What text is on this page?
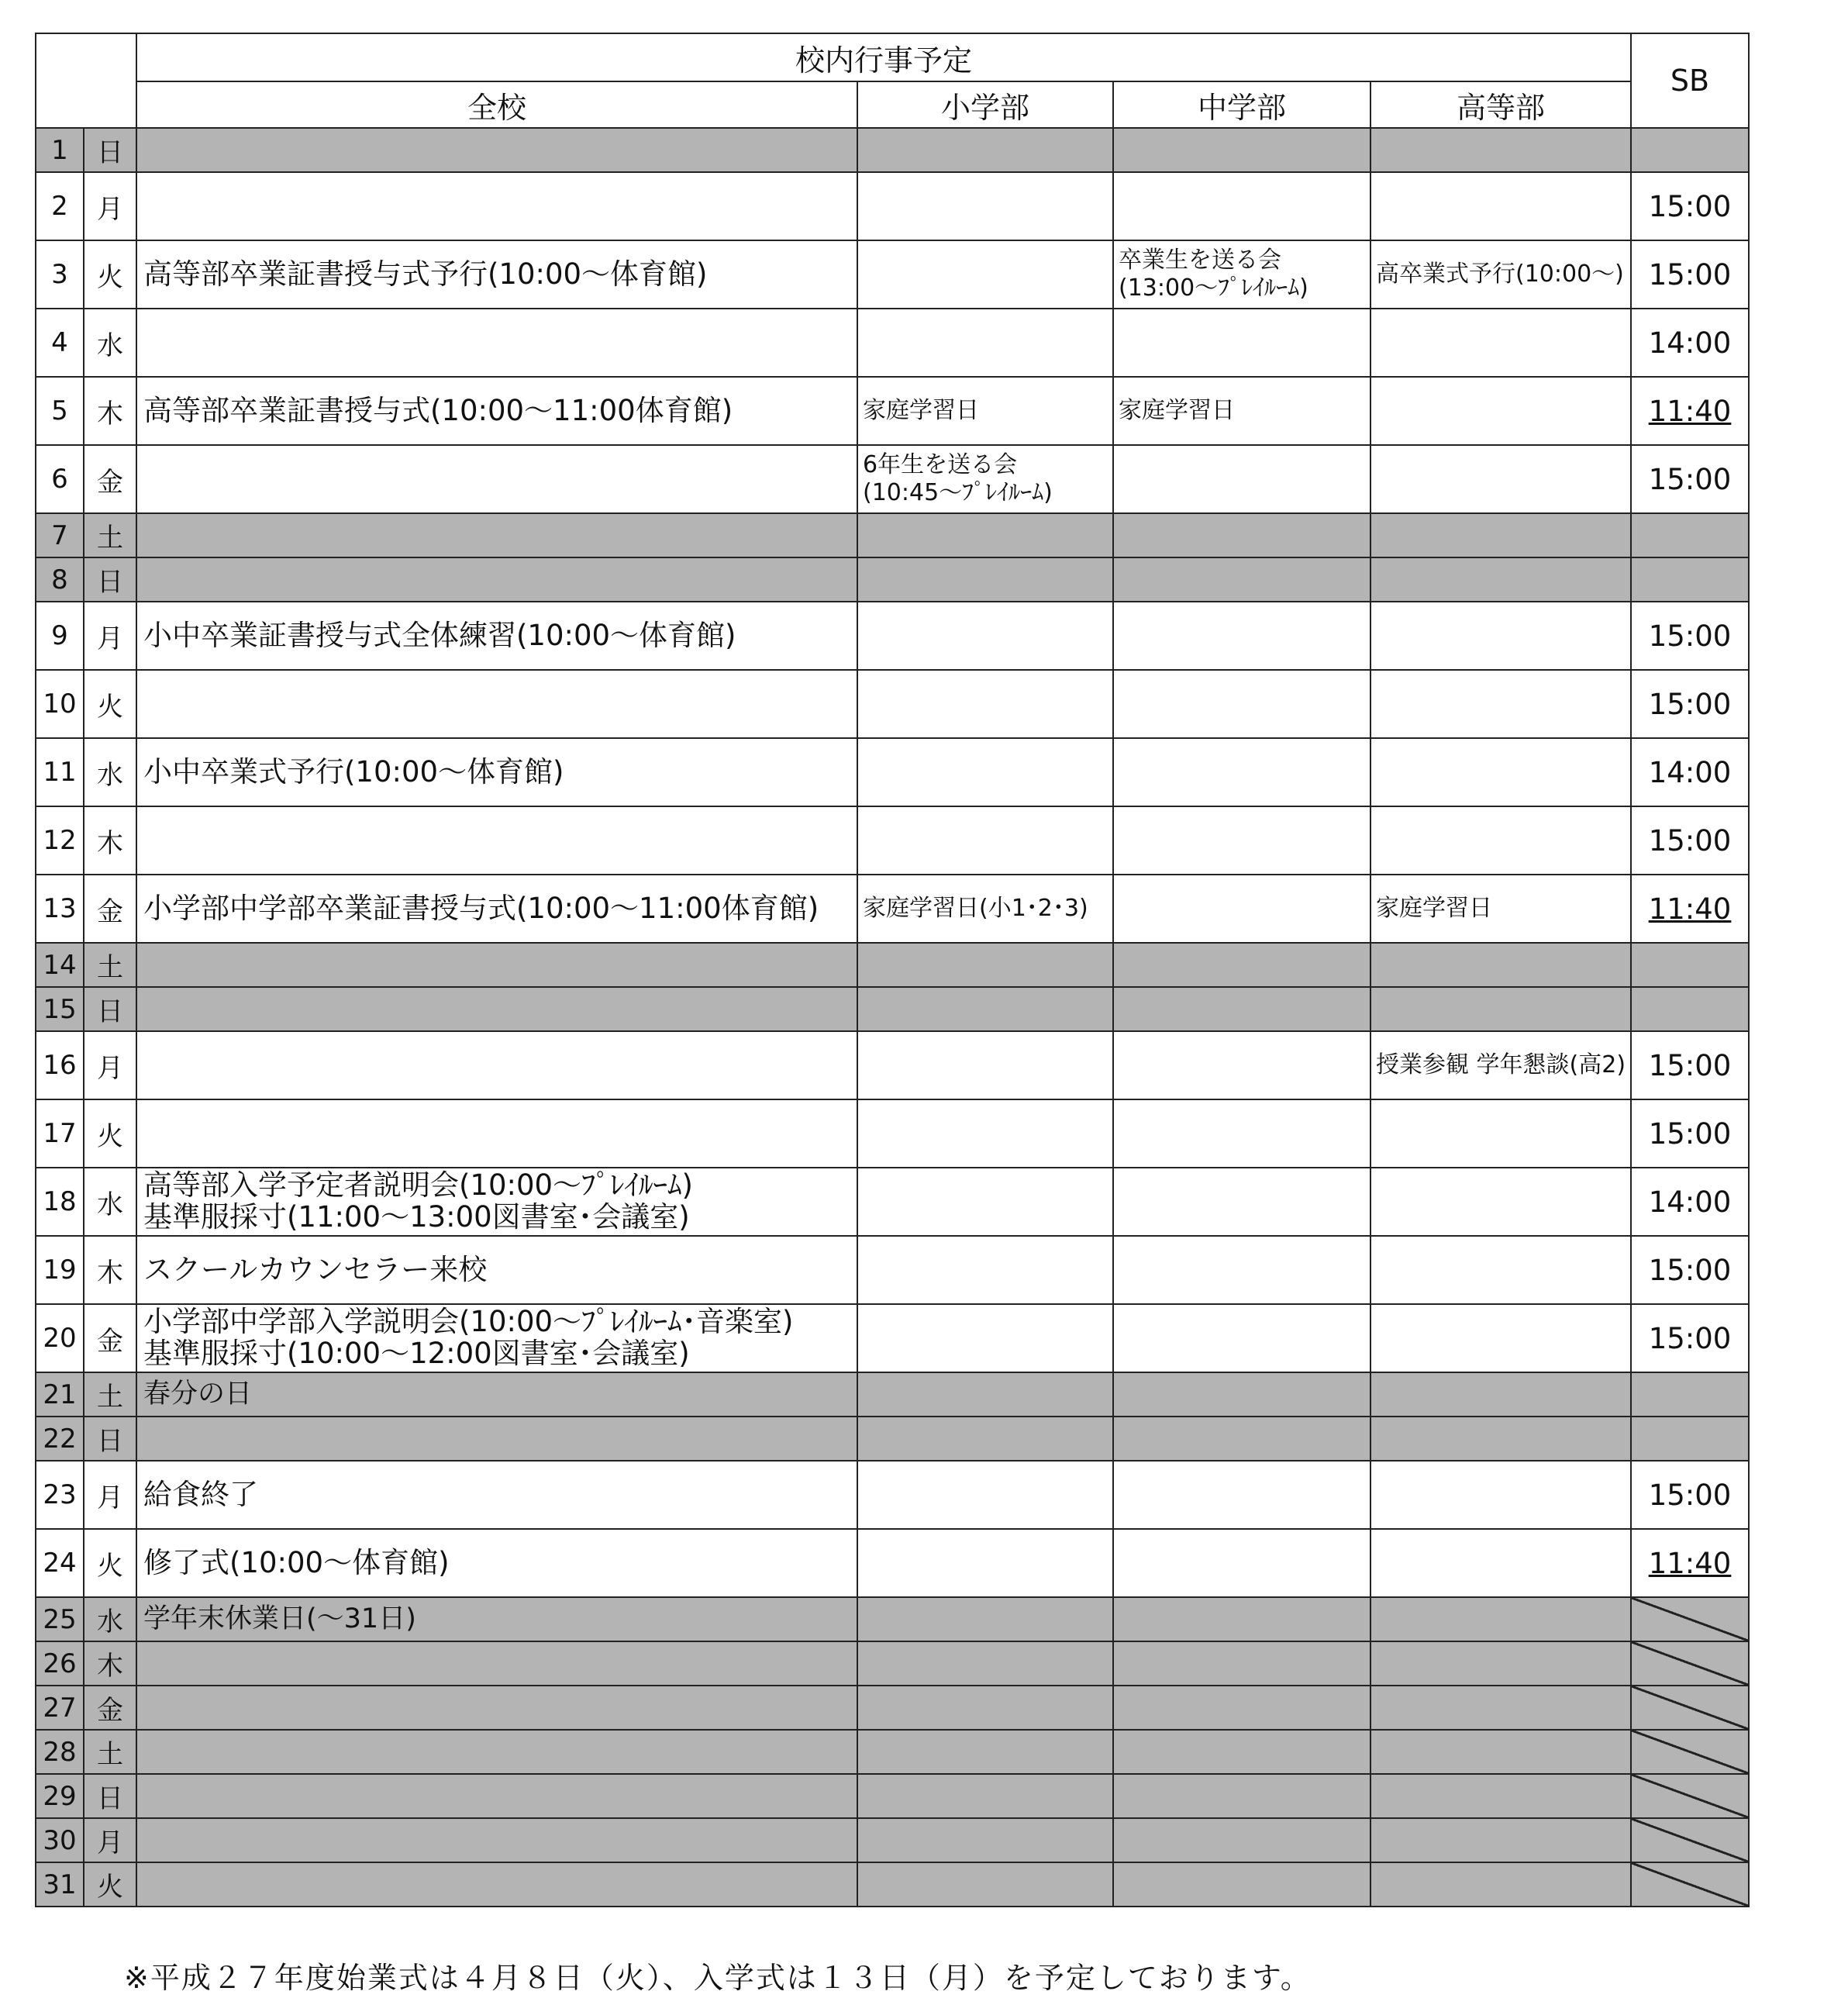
		校内行事予定				SB
		全校	小学部	中学部	高等部	
1	日					
2	月					15:00
3	火	高等部卒業証書授与式予行(10:00〜体育館)		卒業生を送る会(13:00〜ﾌﾟﾚｲﾙｰﾑ)	高卒業式予行(10:00〜)	15:00
4	水					14:00
5	木	高等部卒業証書授与式(10:00〜11:00体育館)	家庭学習日	家庭学習日		11:40
6	金		6年生を送る会(10:45〜ﾌﾟﾚｲﾙｰﾑ)			15:00
7	土					
8	日					
9	月	小中卒業証書授与式全体練習(10:00〜体育館)				15:00
10	火					15:00
11	水	小中卒業式予行(10:00〜体育館)				14:00
12	木					15:00
13	金	小学部中学部卒業証書授与式(10:00〜11:00体育館)	家庭学習日(小1･2･3)		家庭学習日	11:40
14	土					
15	日					
16	月				授業参観 学年懇談(高2)	15:00
17	火					15:00
18	水	高等部入学予定者説明会(10:00〜ﾌﾟﾚｲﾙｰﾑ)
基準服採寸(11:00〜13:00図書室･会議室)				14:00
19	木	スクールカウンセラー来校				15:00
20	金	小学部中学部入学説明会(10:00〜ﾌﾟﾚｲﾙｰﾑ･音楽室)
基準服採寸(10:00〜12:00図書室･会議室)				15:00
21	土	春分の日				
22	日					
23	月	給食終了				15:00
24	火	修了式(10:00〜体育館)				11:40
25	水	学年末休業日(〜31日)				
26	木					
27	金					
28	土					
29	日					
30	月					
31	火					
※平成２７年度始業式は４月８日（火）、入学式は１３日（月）を予定しております。
